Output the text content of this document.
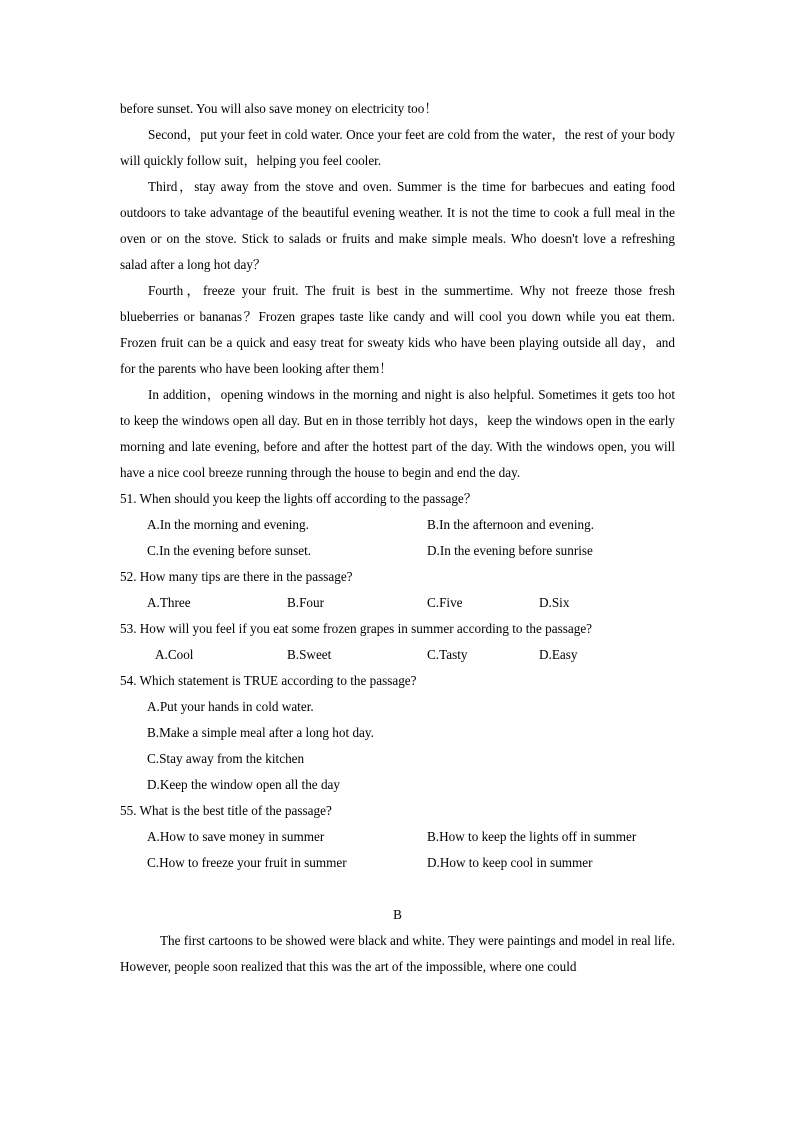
before sunset. You will also save money on electricity too！

Second，put your feet in cold water. Once your feet are cold from the water，the rest of your body will quickly follow suit，helping you feel cooler.

Third，stay away from the stove and oven. Summer is the time for barbecues and eating food outdoors to take advantage of the beautiful evening weather. It is not the time to cook a full meal in the oven or on the stove. Stick to salads or fruits and make simple meals. Who doesn't love a refreshing salad after a long hot day？

Fourth，freeze your fruit. The fruit is best in the summertime. Why not freeze those fresh blueberries or bananas？Frozen grapes taste like candy and will cool you down while you eat them. Frozen fruit can be a quick and easy treat for sweaty kids who have been playing outside all day，and for the parents who have been looking after them！

In addition，opening windows in the morning and night is also helpful. Sometimes it gets too hot to keep the windows open all day. But en in those terribly hot days，keep the windows open in the early morning and late evening, before and after the hottest part of the day. With the windows open, you will have a nice cool breeze running through the house to begin and end the day.

51. When should you keep the lights off according to the passage？

A.In the morning and evening.	B.In the afternoon and evening.
C.In the evening before sunset.	D.In the evening before sunrise

52. How many tips are there in the passage?

A.Three	B.Four	C.Five	D.Six

53. How will you feel if you eat some frozen grapes in summer according to the passage?

A.Cool	B.Sweet	C.Tasty	D.Easy

54. Which statement is TRUE according to the passage?

A.Put your hands in cold water.

B.Make a simple meal after a long hot day.

C.Stay away from the kitchen

D.Keep the window open all the day

55. What is the best title of the passage?

A.How to save money in summer	B.How to keep the lights off in summer
C.How to freeze your fruit in summer	D.How to keep cool in summer

B

The first cartoons to be showed were black and white. They were paintings and model in real life. However, people soon realized that this was the art of the impossible, where one could
